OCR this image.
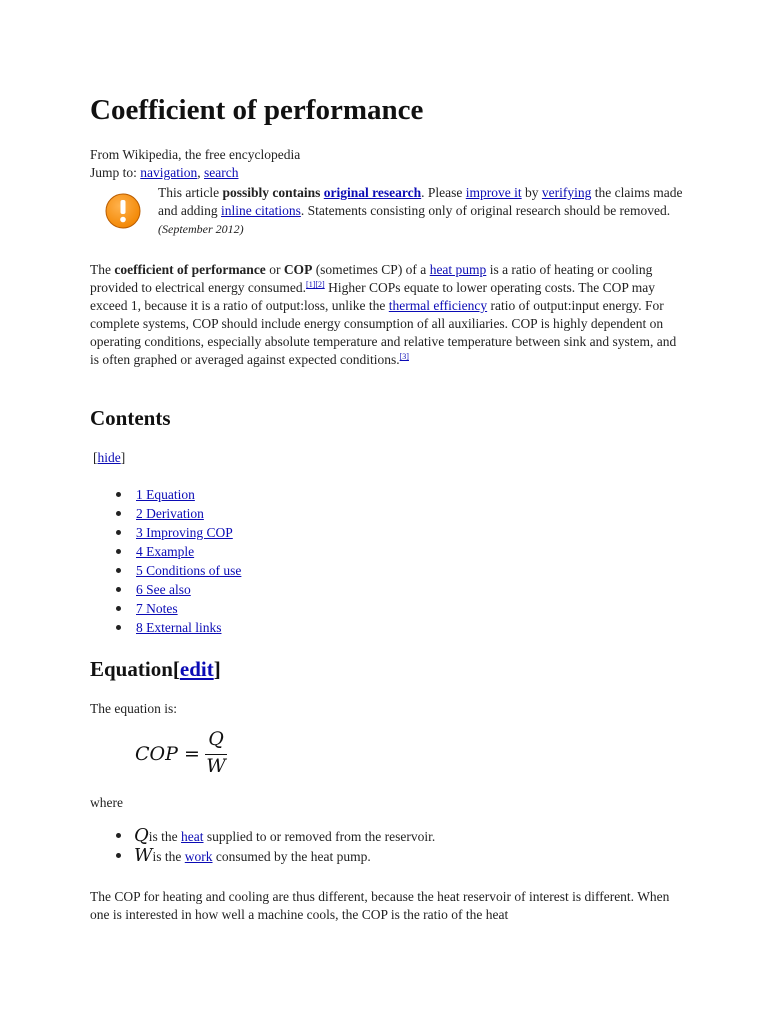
Coefficient of performance
From Wikipedia, the free encyclopedia
Jump to: navigation, search
This article possibly contains original research. Please improve it by verifying the claims made and adding inline citations. Statements consisting only of original research should be removed. (September 2012)
The coefficient of performance or COP (sometimes CP) of a heat pump is a ratio of heating or cooling provided to electrical energy consumed.[1][2] Higher COPs equate to lower operating costs. The COP may exceed 1, because it is a ratio of output:loss, unlike the thermal efficiency ratio of output:input energy. For complete systems, COP should include energy consumption of all auxiliaries. COP is highly dependent on operating conditions, especially absolute temperature and relative temperature between sink and system, and is often graphed or averaged against expected conditions.[3]
Contents
[hide]
1 Equation
2 Derivation
3 Improving COP
4 Example
5 Conditions of use
6 See also
7 Notes
8 External links
Equation[edit]
The equation is:
COP =
Q
W
where
Qis the heat supplied to or removed from the reservoir.
Wis the work consumed by the heat pump.
The COP for heating and cooling are thus different, because the heat reservoir of interest is different. When one is interested in how well a machine cools, the COP is the ratio of the heat
